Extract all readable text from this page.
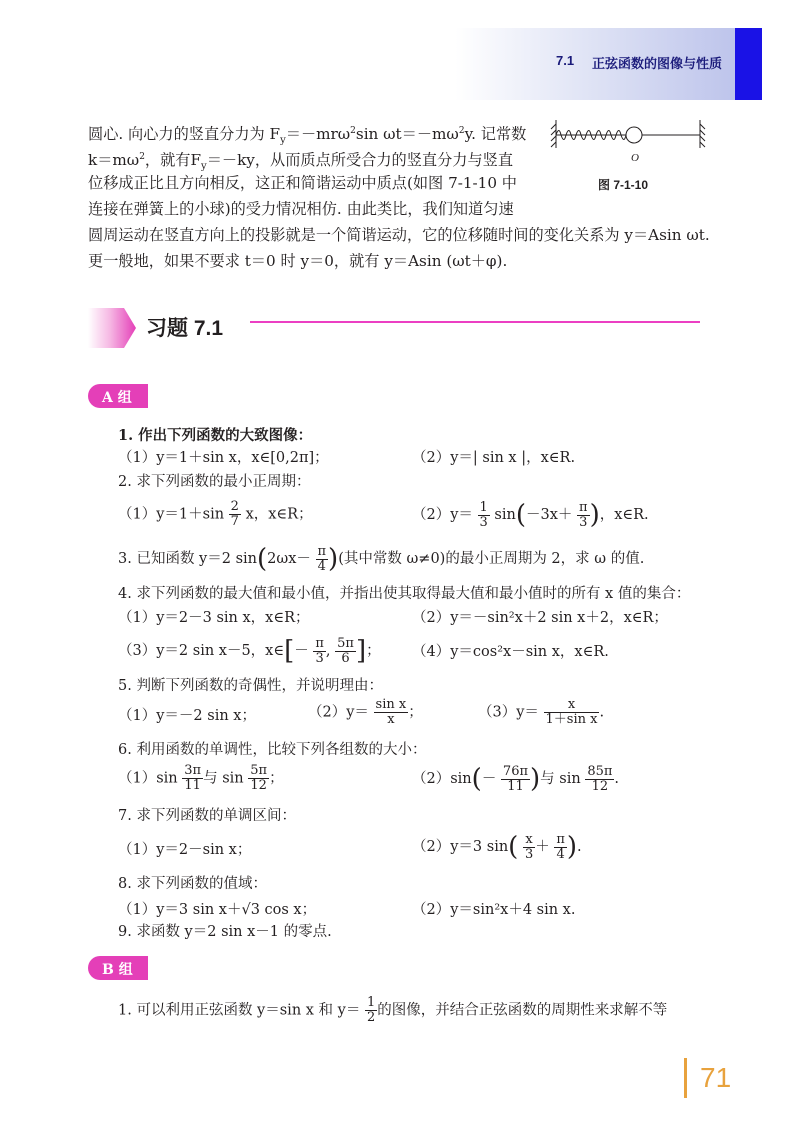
7.1 正弦函数的图像与性质
圆心. 向心力的竖直分力为 $F_y=-mr\omega^2\sin$ $\omega t=-m\omega^2y$. 记常数
$k=m\omega^2$，就有$F_y=-ky$，从而质点所受合力的竖直分力与竖直
位移成正比且方向相反，这正和简谐运动中质点(如图 7-1-10 中
连接在弹簧上的小球)的受力情况相仿. 由此类比，我们知道匀速
圆周运动在竖直方向上的投影就是一个简谐运动，它的位移随时间的变化关系为 y＝Asin ωt.
更一般地，如果不要求 t＝0 时 y＝0，就有 y＝Asin (ωt＋φ).
O
图 7-1-10
习题 7.1
A 组
1. 作出下列函数的大致图像：
（1）y＝1＋sin x，x∈[0,2π]；	（2）y＝| sin x |，x∈R.
2. 求下列函数的最小正周期：
$(1)y=1+\sin \frac{2}{7}$ x，x∈R；	$(2)y= \frac{1}{3} \sin(-3x+ \frac{\pi}{3}$ )，x∈R.
3. 已知函数 y＝2 $\sin(2\omega x- \frac{\pi}{4}$ )(其中常数 ω≠0)的最小正周期为 2，求 ω 的值.
4. 求下列函数的最大值和最小值，并指出使其取得最大值和最小值时的所有 x 值的集合：
（1）y＝2－3 sin x，x∈R；	（2）y＝－sin²x＋2 sin x＋2，x∈R；
（3）y＝2 sin x－5，x∈[－ $\frac{\pi}{3}$ , $\frac{5\pi}{6}$ ]； （4）y＝cos²x－sin x，x∈R.
5. 判断下列函数的奇偶性，并说明理由：
（1）y＝－2 sin x；	$(2)y= \frac{\text{sin x}}{x}$ ；	$(3)y= \frac{x}{\text{1＋sin x}}$ .
6. 利用函数的单调性，比较下列各组数的大小：
$(1)\sin \frac{3\pi}{11}$ 与 $\sin \frac{5\pi}{12}$ ；	$(2)\sin(- \frac{76\pi}{11}$ )与 $\sin \frac{85\pi}{12}$ .
7. 求下列函数的单调区间：
（1）y＝2－sin x；	（2）y＝3 $\sin( \frac{x}{3} + \frac{\pi}{4}$ ).
8. 求下列函数的值域：
（1）y＝3 sin x＋√3 cos x；	（2）y＝sin²x＋4 sin x.
9. 求函数 y＝2 sin x－1 的零点.
B 组
1. 可以利用正弦函数 y＝sin x 和 $y= \frac{1}{2}$ 的图像，并结合正弦函数的周期性来求解不等
71
